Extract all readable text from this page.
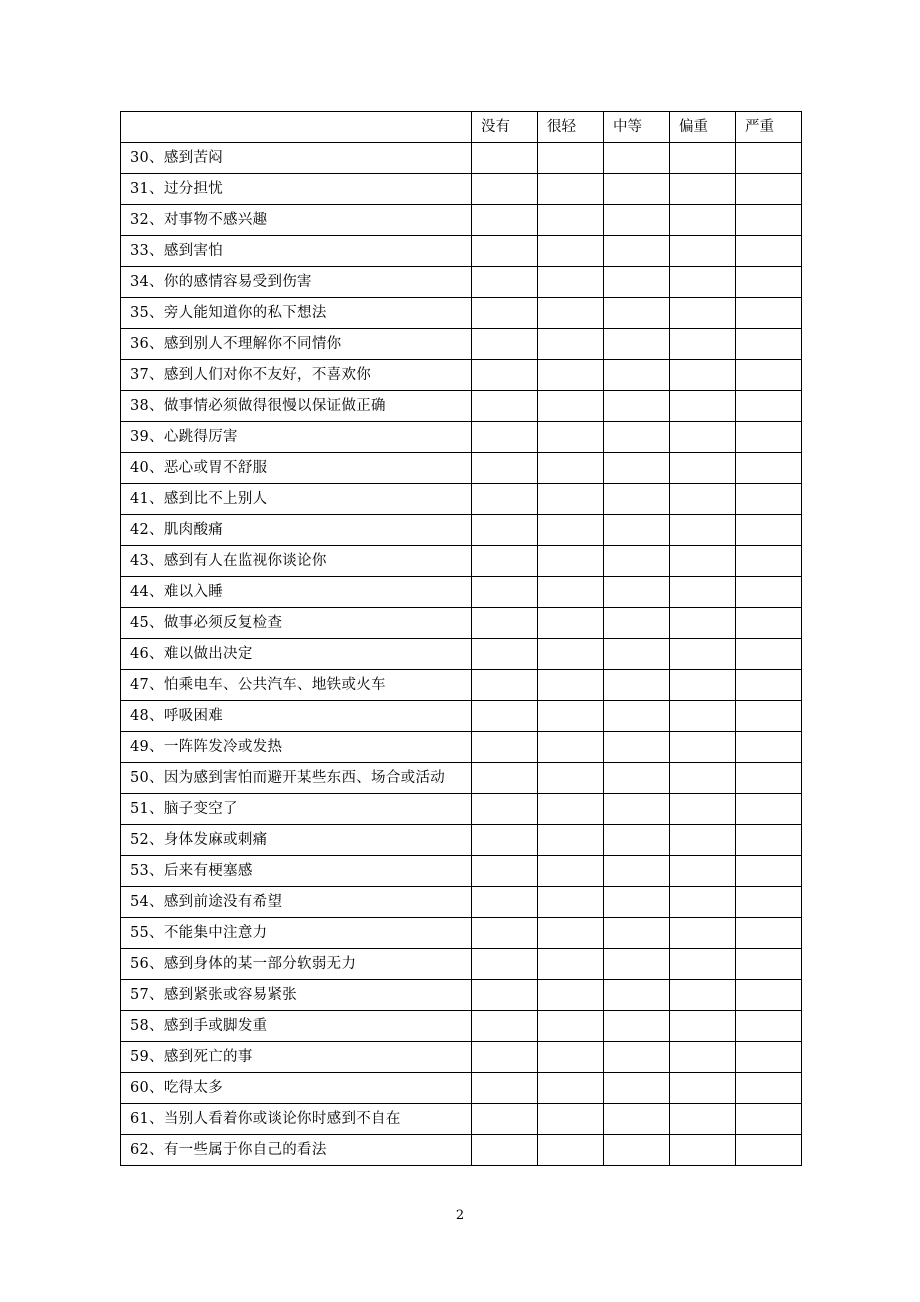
	没有	很轻	中等	偏重	严重
30、感到苦闷					
31、过分担忧					
32、对事物不感兴趣					
33、感到害怕					
34、你的感情容易受到伤害					
35、旁人能知道你的私下想法					
36、感到别人不理解你不同情你					
37、感到人们对你不友好，不喜欢你					
38、做事情必须做得很慢以保证做正确					
39、心跳得厉害					
40、恶心或胃不舒服					
41、感到比不上别人					
42、肌肉酸痛					
43、感到有人在监视你谈论你					
44、难以入睡					
45、做事必须反复检查					
46、难以做出决定					
47、怕乘电车、公共汽车、地铁或火车					
48、呼吸困难					
49、一阵阵发冷或发热					
50、因为感到害怕而避开某些东西、场合或活动					
51、脑子变空了					
52、身体发麻或刺痛					
53、后来有梗塞感					
54、感到前途没有希望					
55、不能集中注意力					
56、感到身体的某一部分软弱无力					
57、感到紧张或容易紧张					
58、感到手或脚发重					
59、感到死亡的事					
60、吃得太多					
61、当别人看着你或谈论你时感到不自在					
62、有一些属于你自己的看法					
2
